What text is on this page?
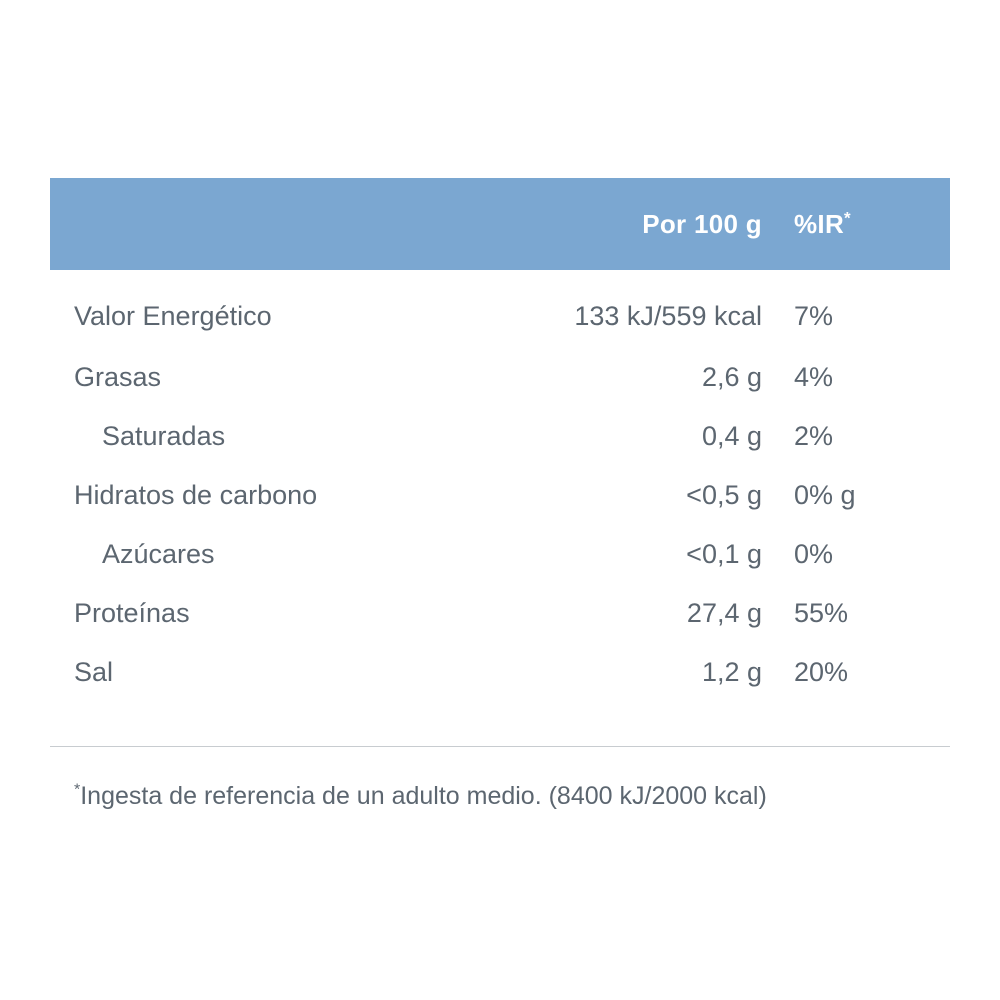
	Por 100 g	%IR*
Valor Energético	133 kJ/559 kcal	7%
Grasas	2,6 g	4%
Saturadas	0,4 g	2%
Hidratos de carbono	<0,5 g	0% g
Azúcares	<0,1 g	0%
Proteínas	27,4 g	55%
Sal	1,2 g	20%
*Ingesta de referencia de un adulto medio. (8400 kJ/2000 kcal)
